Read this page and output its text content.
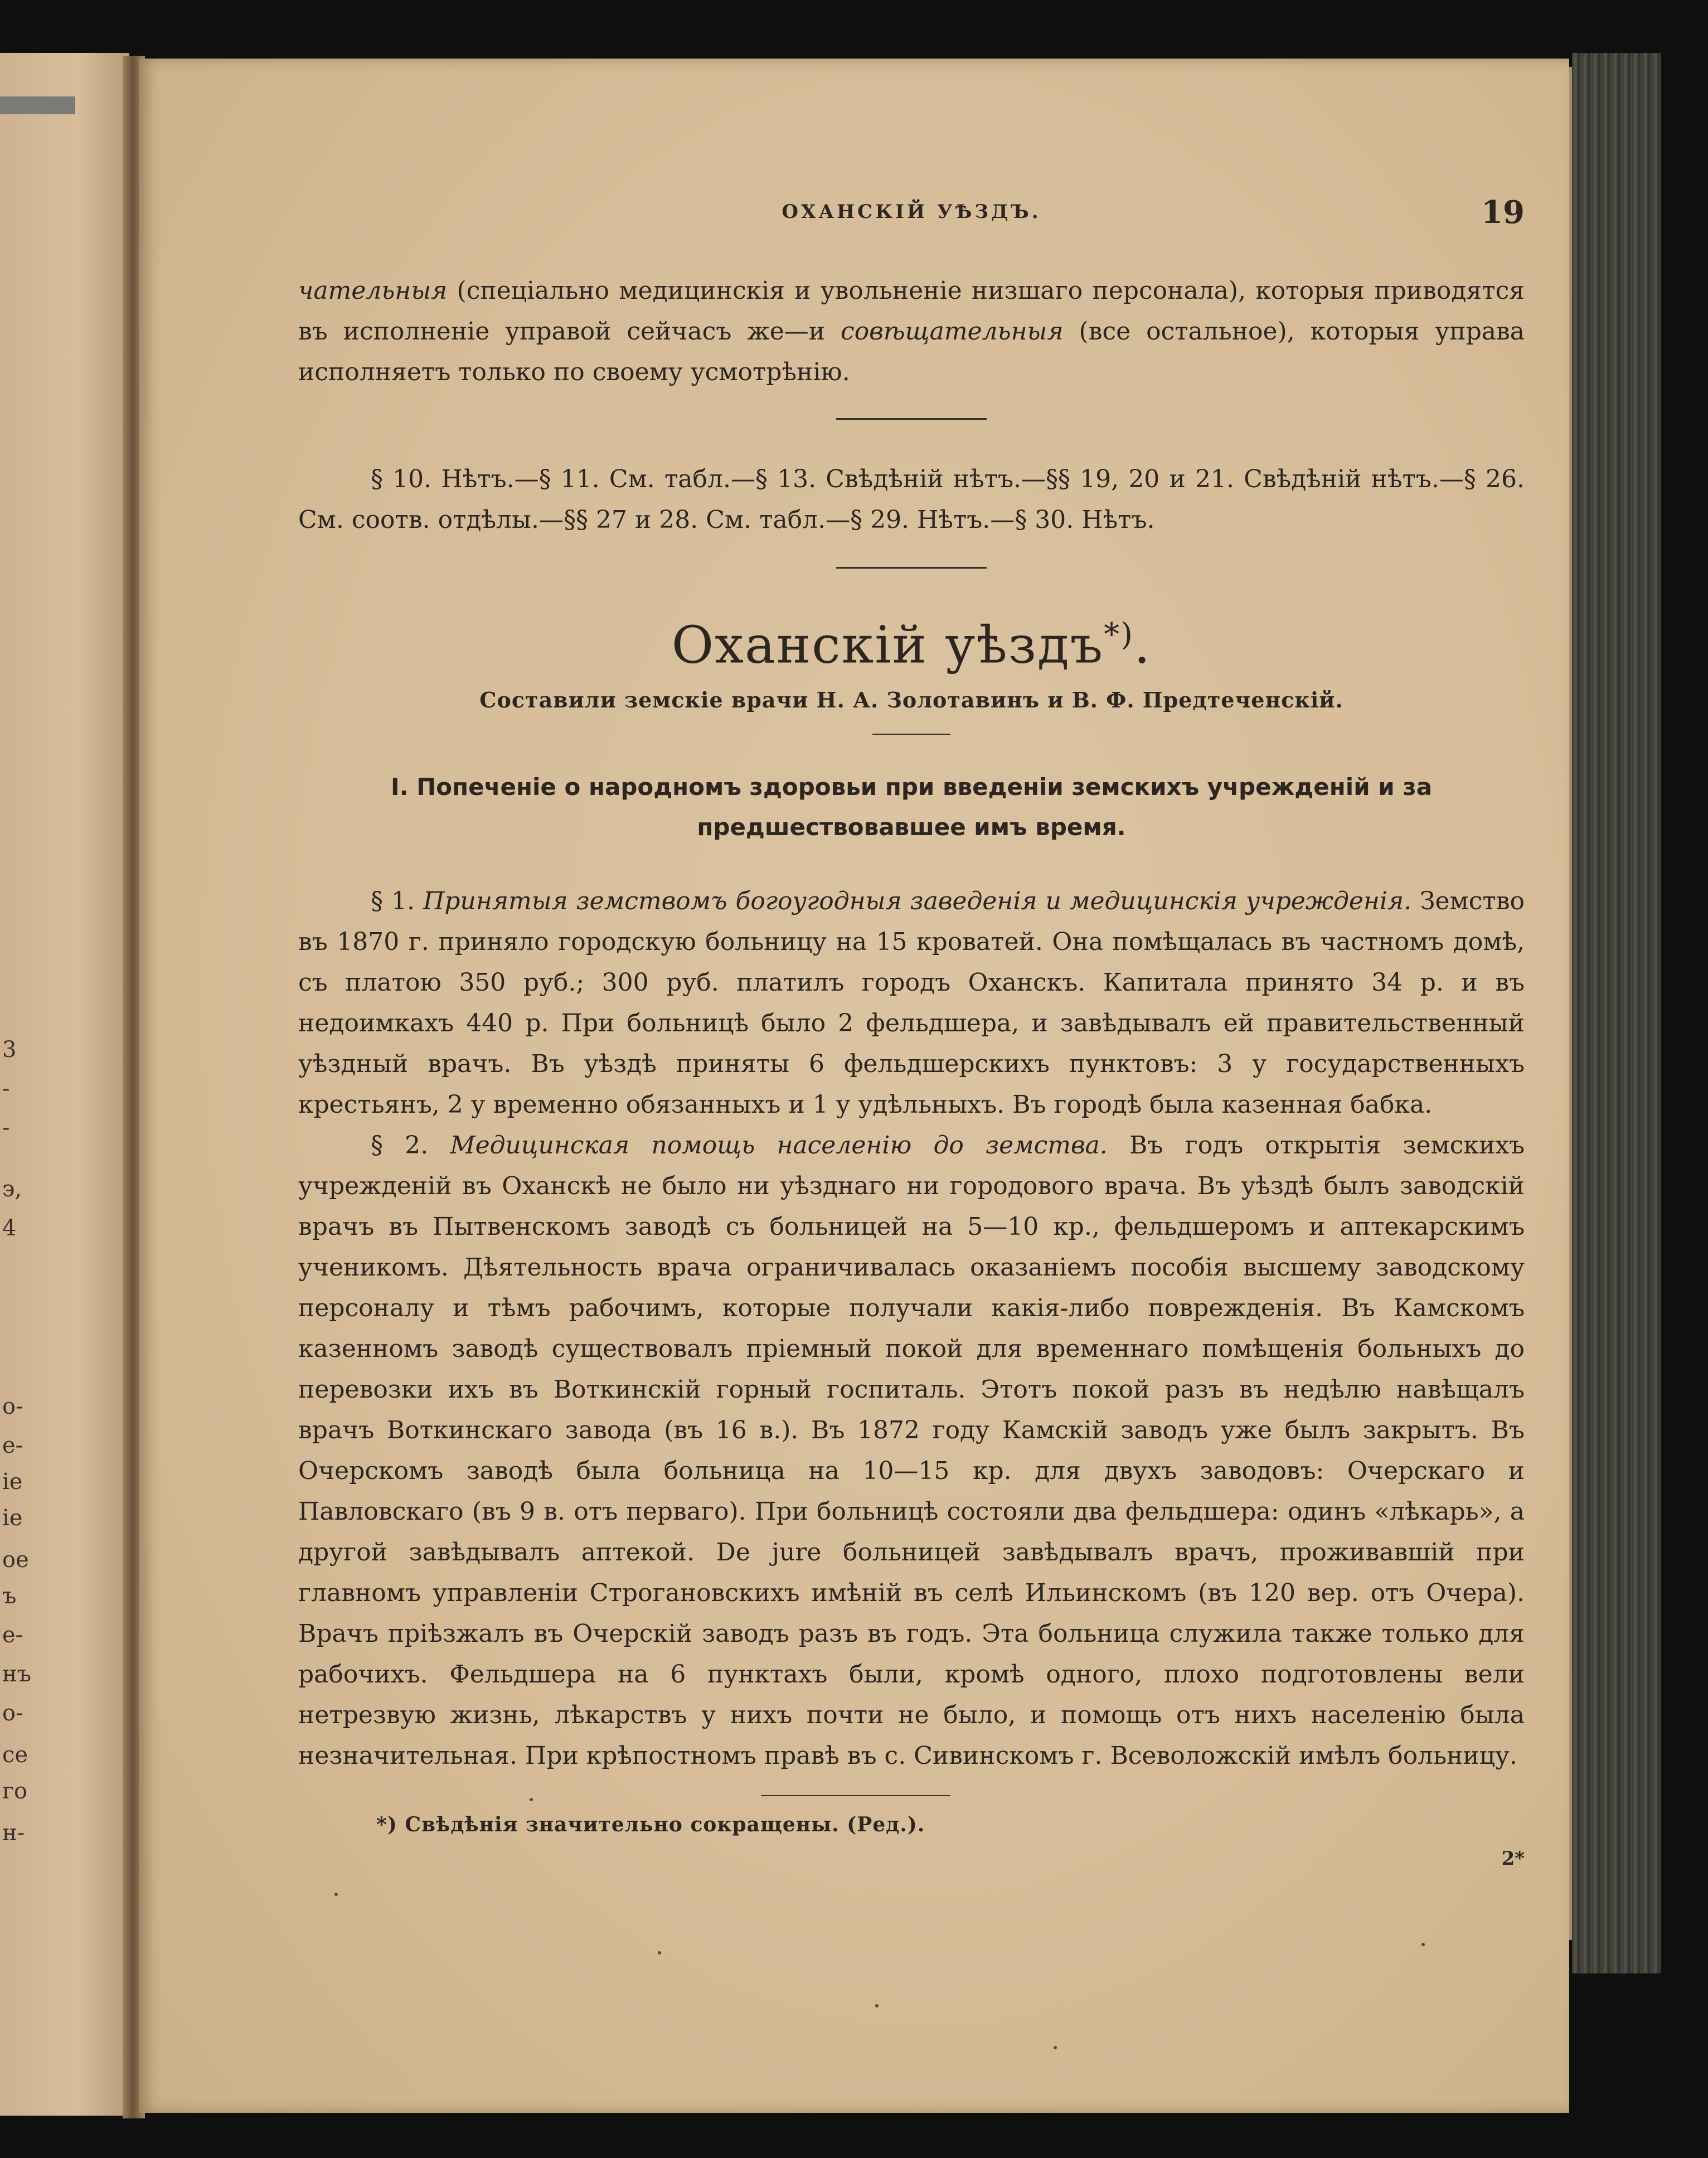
3
-
-
э,
4
о-
е-
ie
ie
ое
ъ
е-
нъ
о-
се
го
н-
ОХАНСКІЙ УѢЗДЪ.	19

чательныя (спеціально медицинскія и увольненіе низшаго персонала), которыя приводятся въ исполненіе управой сейчасъ же—и совѣщательныя (все остальное), которыя управа исполняетъ только по своему усмотрѣнію.

§ 10. Нѣтъ.—§ 11. См. табл.—§ 13. Свѣдѣній нѣтъ.—§§ 19, 20 и 21. Свѣдѣній нѣтъ.—§ 26. См. соотв. отдѣлы.—§§ 27 и 28. См. табл.—§ 29. Нѣтъ.—§ 30. Нѣтъ.

Оханскій уѣздъ*).
Составили земскіе врачи Н. А. Золотавинъ и В. Ф. Предтеченскій.
I. Попеченіе о народномъ здоровьи при введеніи земскихъ учрежденій и за
предшествовавшее имъ время.

§ 1. Принятыя земствомъ богоугодныя заведенія и медицинскія учрежденія. Земство въ 1870 г. приняло городскую больницу на 15 кроватей. Она помѣщалась въ частномъ домѣ, съ платою 350 руб.; 300 руб. платилъ городъ Оханскъ. Капитала принято 34 р. и въ недоимкахъ 440 р. При больницѣ было 2 фельдшера, и завѣдывалъ ей правительственный уѣздный врачъ. Въ уѣздѣ приняты 6 фельдшерскихъ пунктовъ: 3 у государственныхъ крестьянъ, 2 у временно обязанныхъ и 1 у удѣльныхъ. Въ городѣ была казенная бабка.

§ 2. Медицинская помощь населенію до земства. Въ годъ открытія земскихъ учрежденій въ Оханскѣ не было ни уѣзднаго ни городового врача. Въ уѣздѣ былъ заводскій врачъ въ Пытвенскомъ заводѣ съ больницей на 5—10 кр., фельдшеромъ и аптекарскимъ ученикомъ. Дѣятельность врача ограничивалась оказаніемъ пособія высшему заводскому персоналу и тѣмъ рабочимъ, которые получали какія-либо поврежденія. Въ Камскомъ казенномъ заводѣ существовалъ пріемный покой для временнаго помѣщенія больныхъ до перевозки ихъ въ Воткинскій горный госпиталь. Этотъ покой разъ въ недѣлю навѣщалъ врачъ Воткинскаго завода (въ 16 в.). Въ 1872 году Камскій заводъ уже былъ закрытъ. Въ Очерскомъ заводѣ была больница на 10—15 кр. для двухъ заводовъ: Очерскаго и Павловскаго (въ 9 в. отъ перваго). При больницѣ состояли два фельдшера: одинъ «лѣкарь», а другой завѣдывалъ аптекой. De jure больницей завѣдывалъ врачъ, проживавшій при главномъ управленіи Строгановскихъ имѣній въ селѣ Ильинскомъ (въ 120 вер. отъ Очера). Врачъ пріѣзжалъ въ Очерскій заводъ разъ въ годъ. Эта больница служила также только для рабочихъ. Фельдшера на 6 пунктахъ были, кромѣ одного, плохо подготовлены вели нетрезвую жизнь, лѣкарствъ у нихъ почти не было, и помощь отъ нихъ населенію была незначительная. При крѣпостномъ правѣ въ с. Сивинскомъ г. Всеволожскій имѣлъ больницу.

*) Свѣдѣнія значительно сокращены. (Ред.).
2*
